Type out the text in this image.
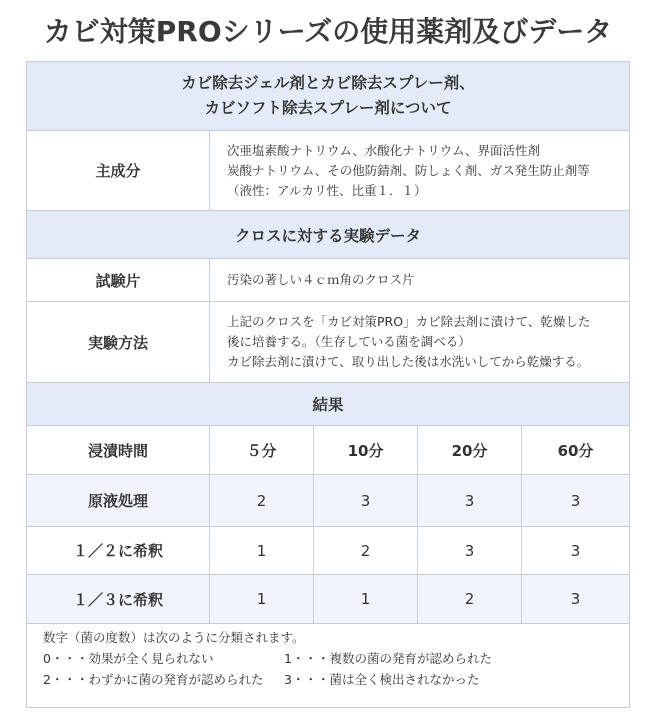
カビ対策PROシリーズの使用薬剤及びデータ
カビ除去ジェル剤とカビ除去スプレー剤、
カビソフト除去スプレー剤について
主成分
次亜塩素酸ナトリウム、水酸化ナトリウム、界面活性剤
炭酸ナトリウム、その他防錆剤、防しょく剤、ガス発生防止剤等
（液性：アルカリ性、比重１．１）
クロスに対する実験データ
試験片	汚染の著しい４ｃｍ角のクロス片
実験方法
上記のクロスを「カビ対策PRO」カビ除去剤に漬けて、乾燥した
後に培養する。（生存している菌を調べる）
カビ除去剤に漬けて、取り出した後は水洗いしてから乾燥する。
結果
浸漬時間	５分	10分	20分	60分
原液処理	2	3	3	3
１／２に希釈	1	2	3	3
１／３に希釈	1	1	2	3
数字（菌の度数）は次のように分類されます。
0・・・効果が全く見られない	1・・・複数の菌の発育が認められた
2・・・わずかに菌の発育が認められた	3・・・菌は全く検出されなかった
